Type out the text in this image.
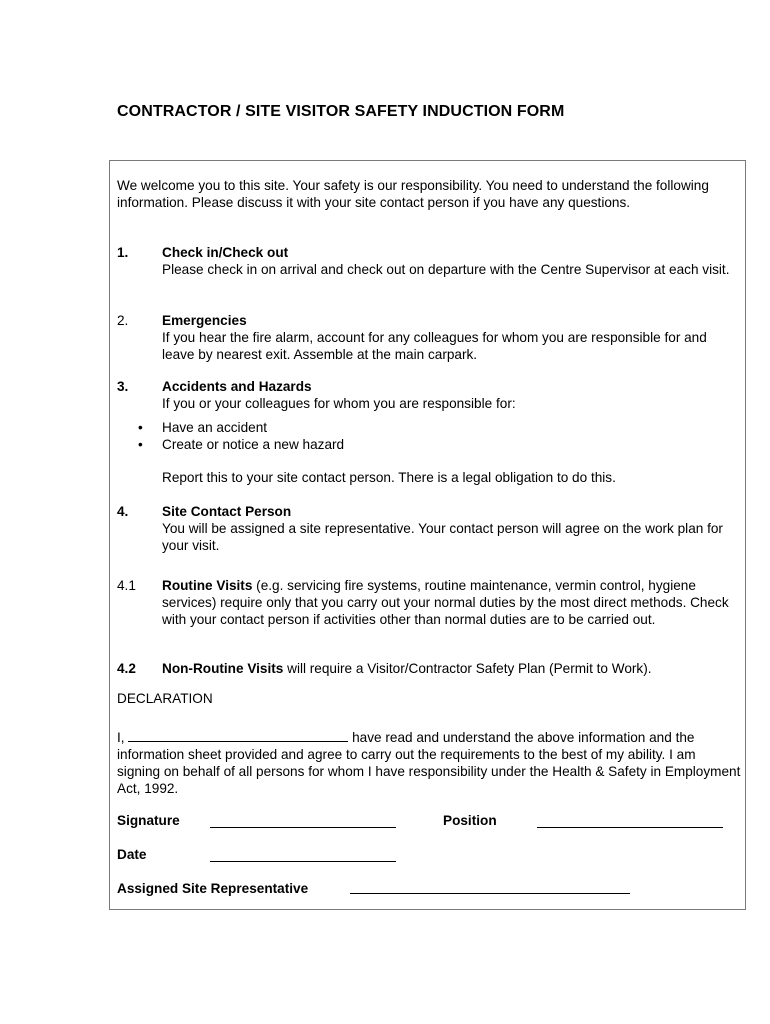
CONTRACTOR / SITE VISITOR SAFETY INDUCTION FORM
We welcome you to this site. Your safety is our responsibility. You need to understand the following information. Please discuss it with your site contact person if you have any questions.
1. Check in/Check out
Please check in on arrival and check out on departure with the Centre Supervisor at each visit.
2. Emergencies
If you hear the fire alarm, account for any colleagues for whom you are responsible for and leave by nearest exit. Assemble at the main carpark.
3. Accidents and Hazards
If you or your colleagues for whom you are responsible for:
• Have an accident
• Create or notice a new hazard
Report this to your site contact person. There is a legal obligation to do this.
4. Site Contact Person
You will be assigned a site representative. Your contact person will agree on the work plan for your visit.
4.1 Routine Visits (e.g. servicing fire systems, routine maintenance, vermin control, hygiene services) require only that you carry out your normal duties by the most direct methods. Check with your contact person if activities other than normal duties are to be carried out.
4.2 Non-Routine Visits will require a Visitor/Contractor Safety Plan (Permit to Work).
DECLARATION
I,	have read and understand the above information and the information sheet provided and agree to carry out the requirements to the best of my ability. I am signing on behalf of all persons for whom I have responsibility under the Health & Safety in Employment Act, 1992.
Signature	Position
Date
Assigned Site Representative
